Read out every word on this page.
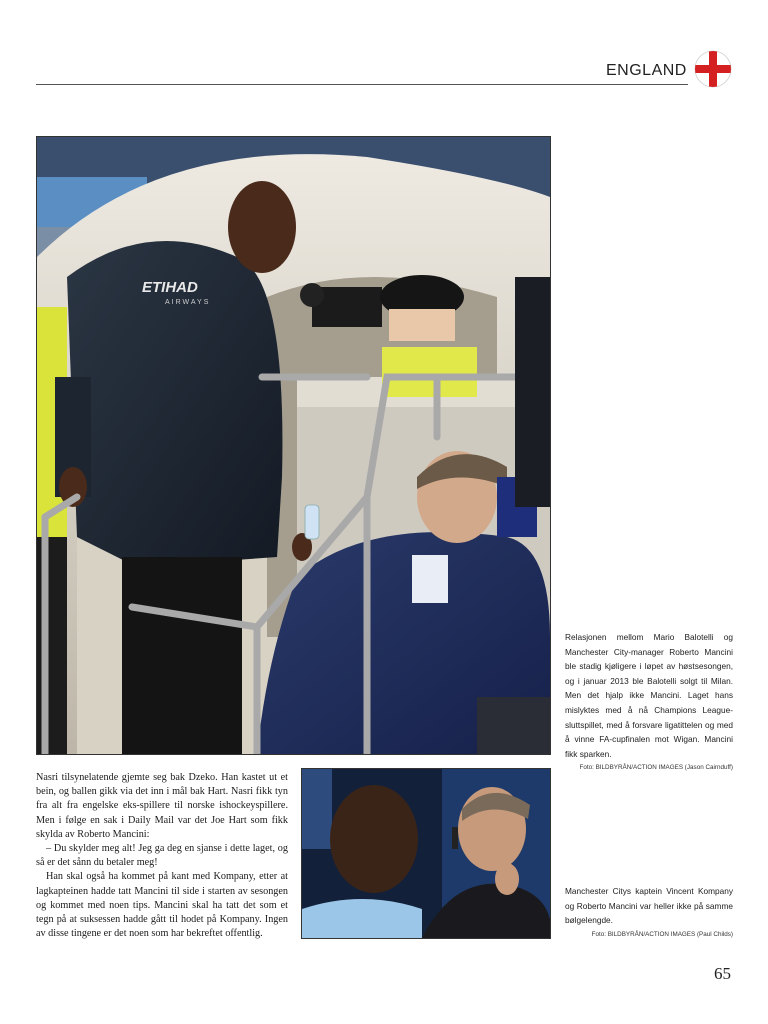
ENGLAND
ETIHAD
AIRWAYS
Relasjonen mellom Mario Balotelli og Manchester City-manager Roberto Mancini ble stadig kjøligere i løpet av høstsesongen, og i januar 2013 ble Balotelli solgt til Milan. Men det hjalp ikke Mancini. Laget hans mislyktes med å nå Champions League-sluttspillet, med å forsvare ligatittelen og med å vinne FA-cupfinalen mot Wigan. Mancini fikk sparken.
Foto: BILDBYRÅN/ACTION IMAGES (Jason Cairnduff)

Nasri tilsynelatende gjemte seg bak Dzeko. Han kastet ut et bein, og ballen gikk via det inn i mål bak Hart. Nasri fikk tyn fra alt fra engelske eks-spillere til norske ishockeyspillere. Men i følge en sak i Daily Mail var det Joe Hart som fikk skylda av Roberto Mancini:

– Du skylder meg alt! Jeg ga deg en sjanse i dette laget, og så er det sånn du betaler meg!

Han skal også ha kommet på kant med Kompany, etter at lagkapteinen hadde tatt Mancini til side i starten av sesongen og kommet med noen tips. Mancini skal ha tatt det som et tegn på at suksessen hadde gått til hodet på Kompany. Ingen av disse tingene er det noen som har bekreftet offentlig.

Manchester Citys kaptein Vincent Kompany og Roberto Mancini var heller ikke på samme bølgelengde.
Foto: BILDBYRÅN/ACTION IMAGES (Paul Childs)
65
